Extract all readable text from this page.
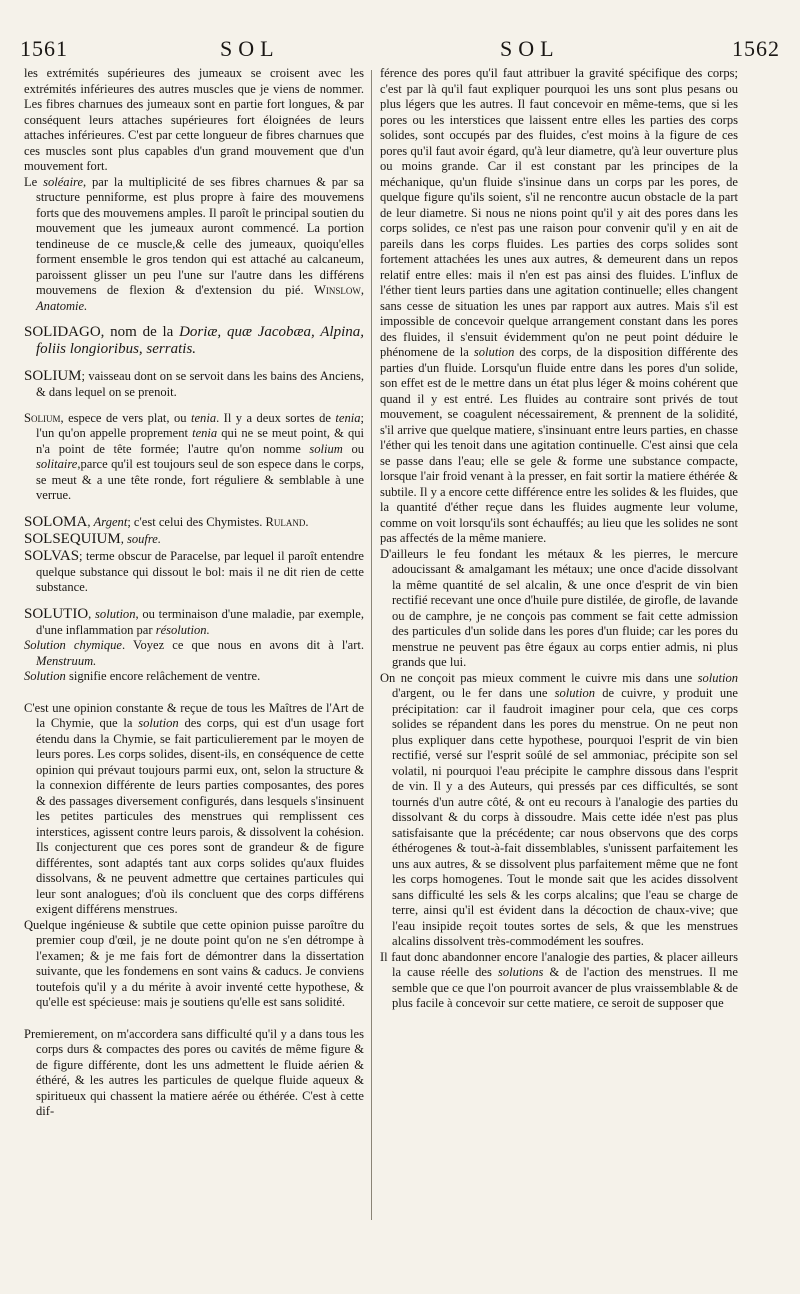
1561	SOL	SOL	1562

les extrémités supérieures des jumeaux se croisent avec les extrémités inférieures des autres muscles que je viens de nommer. Les fibres charnues des jumeaux sont en partie fort longues, & par conséquent leurs attaches supérieures fort éloignées de leurs attaches inférieures. C'est par cette longueur de fibres charnues que ces muscles sont plus capables d'un grand mouvement que d'un mouvement fort.

Le soléaire, par la multiplicité de ses fibres charnues & par sa structure penniforme, est plus propre à faire des mouvemens forts que des mouvemens amples. Il paroît le principal soutien du mouvement que les jumeaux auront commencé. La portion tendineuse de ce muscle,& celle des jumeaux, quoiqu'elles forment ensemble le gros tendon qui est attaché au calcaneum, paroissent glisser un peu l'une sur l'autre dans les différens mouvemens de flexion & d'extension du pié. Winslow, Anatomie.

SOLIDAGO, nom de la Doriæ, quæ Jacobæa, Alpina, foliis longioribus, serratis.

SOLIUM; vaisseau dont on se servoit dans les bains des Anciens, & dans lequel on se prenoit.

Solium, espece de vers plat, ou tenia. Il y a deux sortes de tenia; l'un qu'on appelle proprement tenia qui ne se meut point, & qui n'a point de tête formée; l'autre qu'on nomme solium ou solitaire,parce qu'il est toujours seul de son espece dans le corps, se meut & a une tête ronde, fort réguliere & semblable à une verrue.

SOLOMA, Argent; c'est celui des Chymistes. Ruland.

SOLSEQUIUM, soufre.

SOLVAS; terme obscur de Paracelse, par lequel il paroît entendre quelque substance qui dissout le bol: mais il ne dit rien de cette substance.

SOLUTIO, solution, ou terminaison d'une maladie, par exemple, d'une inflammation par résolution.

Solution chymique. Voyez ce que nous en avons dit à l'art. Menstruum.

Solution signifie encore relâchement de ventre.

C'est une opinion constante & reçue de tous les Maîtres de l'Art de la Chymie, que la solution des corps, qui est d'un usage fort étendu dans la Chymie, se fait particulierement par le moyen de leurs pores. Les corps solides, disent-ils, en conséquence de cette opinion qui prévaut toujours parmi eux, ont, selon la structure & la connexion différente de leurs parties composantes, des pores & des passages diversement configurés, dans lesquels s'insinuent les petites particules des menstrues qui remplissent ces interstices, agissent contre leurs parois, & dissolvent la cohésion. Ils conjecturent que ces pores sont de grandeur & de figure différentes, sont adaptés tant aux corps solides qu'aux fluides dissolvans, & ne peuvent admettre que certaines particules qui leur sont analogues; d'où ils concluent que des corps différens exigent différens menstrues.

Quelque ingénieuse & subtile que cette opinion puisse paroître du premier coup d'œil, je ne doute point qu'on ne s'en détrompe à l'examen; & je me fais fort de démontrer dans la dissertation suivante, que les fondemens en sont vains & caducs. Je conviens toutefois qu'il y a du mérite à avoir inventé cette hypothese, & qu'elle est spécieuse: mais je soutiens qu'elle est sans solidité.

Premierement, on m'accordera sans difficulté qu'il y a dans tous les corps durs & compactes des pores ou cavités de même figure & de figure différente, dont les uns admettent le fluide aérien & éthéré, & les autres les particules de quelque fluide aqueux & spiritueux qui chassent la matiere aérée ou éthérée. C'est à cette dif-

férence des pores qu'il faut attribuer la gravité spécifique des corps; c'est par là qu'il faut expliquer pourquoi les uns sont plus pesans ou plus légers que les autres. Il faut concevoir en même-tems, que si les pores ou les interstices que laissent entre elles les parties des corps solides, sont occupés par des fluides, c'est moins à la figure de ces pores qu'il faut avoir égard, qu'à leur diametre, qu'à leur ouverture plus ou moins grande. Car il est constant par les principes de la méchanique, qu'un fluide s'insinue dans un corps par les pores, de quelque figure qu'ils soient, s'il ne rencontre aucun obstacle de la part de leur diametre. Si nous ne nions point qu'il y ait des pores dans les corps solides, ce n'est pas une raison pour convenir qu'il y en ait de pareils dans les corps fluides. Les parties des corps solides sont fortement attachées les unes aux autres, & demeurent dans un repos relatif entre elles: mais il n'en est pas ainsi des fluides. L'influx de l'éther tient leurs parties dans une agitation continuelle; elles changent sans cesse de situation les unes par rapport aux autres. Mais s'il est impossible de concevoir quelque arrangement constant dans les pores des fluides, il s'ensuit évidemment qu'on ne peut point déduire le phénomene de la solution des corps, de la disposition différente des parties d'un fluide. Lorsqu'un fluide entre dans les pores d'un solide, son effet est de le mettre dans un état plus léger & moins cohérent que quand il y est entré. Les fluides au contraire sont privés de tout mouvement, se coagulent nécessairement, & prennent de la solidité, s'il arrive que quelque matiere, s'insinuant entre leurs parties, en chasse l'éther qui les tenoit dans une agitation continuelle. C'est ainsi que cela se passe dans l'eau; elle se gele & forme une substance compacte, lorsque l'air froid venant à la presser, en fait sortir la matiere éthérée & subtile. Il y a encore cette différence entre les solides & les fluides, que la quantité d'éther reçue dans les fluides augmente leur volume, comme on voit lorsqu'ils sont échauffés; au lieu que les solides ne sont pas affectés de la même maniere.

D'ailleurs le feu fondant les métaux & les pierres, le mercure adoucissant & amalgamant les métaux; une once d'acide dissolvant la même quantité de sel alcalin, & une once d'esprit de vin bien rectifié recevant une once d'huile pure distilée, de girofle, de lavande ou de camphre, je ne conçois pas comment se fait cette admission des particules d'un solide dans les pores d'un fluide; car les pores du menstrue ne peuvent pas être égaux au corps entier admis, ni plus grands que lui.

On ne conçoit pas mieux comment le cuivre mis dans une solution d'argent, ou le fer dans une solution de cuivre, y produit une précipitation: car il faudroit imaginer pour cela, que ces corps solides se répandent dans les pores du menstrue. On ne peut non plus expliquer dans cette hypothese, pourquoi l'esprit de vin bien rectifié, versé sur l'esprit soûlé de sel ammoniac, précipite son sel volatil, ni pourquoi l'eau précipite le camphre dissous dans l'esprit de vin. Il y a des Auteurs, qui pressés par ces difficultés, se sont tournés d'un autre côté, & ont eu recours à l'analogie des parties du dissolvant & du corps à dissoudre. Mais cette idée n'est pas plus satisfaisante que la précédente; car nous observons que des corps éthérogenes & tout-à-fait dissemblables, s'unissent parfaitement les uns aux autres, & se dissolvent plus parfaitement même que ne font les corps homogenes. Tout le monde sait que les acides dissolvent sans difficulté les sels & les corps alcalins; que l'eau se charge de terre, ainsi qu'il est évident dans la décoction de chaux-vive; que l'eau insipide reçoit toutes sortes de sels, & que les menstrues alcalins dissolvent très-commodément les soufres.

Il faut donc abandonner encore l'analogie des parties, & placer ailleurs la cause réelle des solutions & de l'action des menstrues. Il me semble que ce que l'on pourroit avancer de plus vraissemblable & de plus facile à concevoir sur cette matiere, ce seroit de supposer que
